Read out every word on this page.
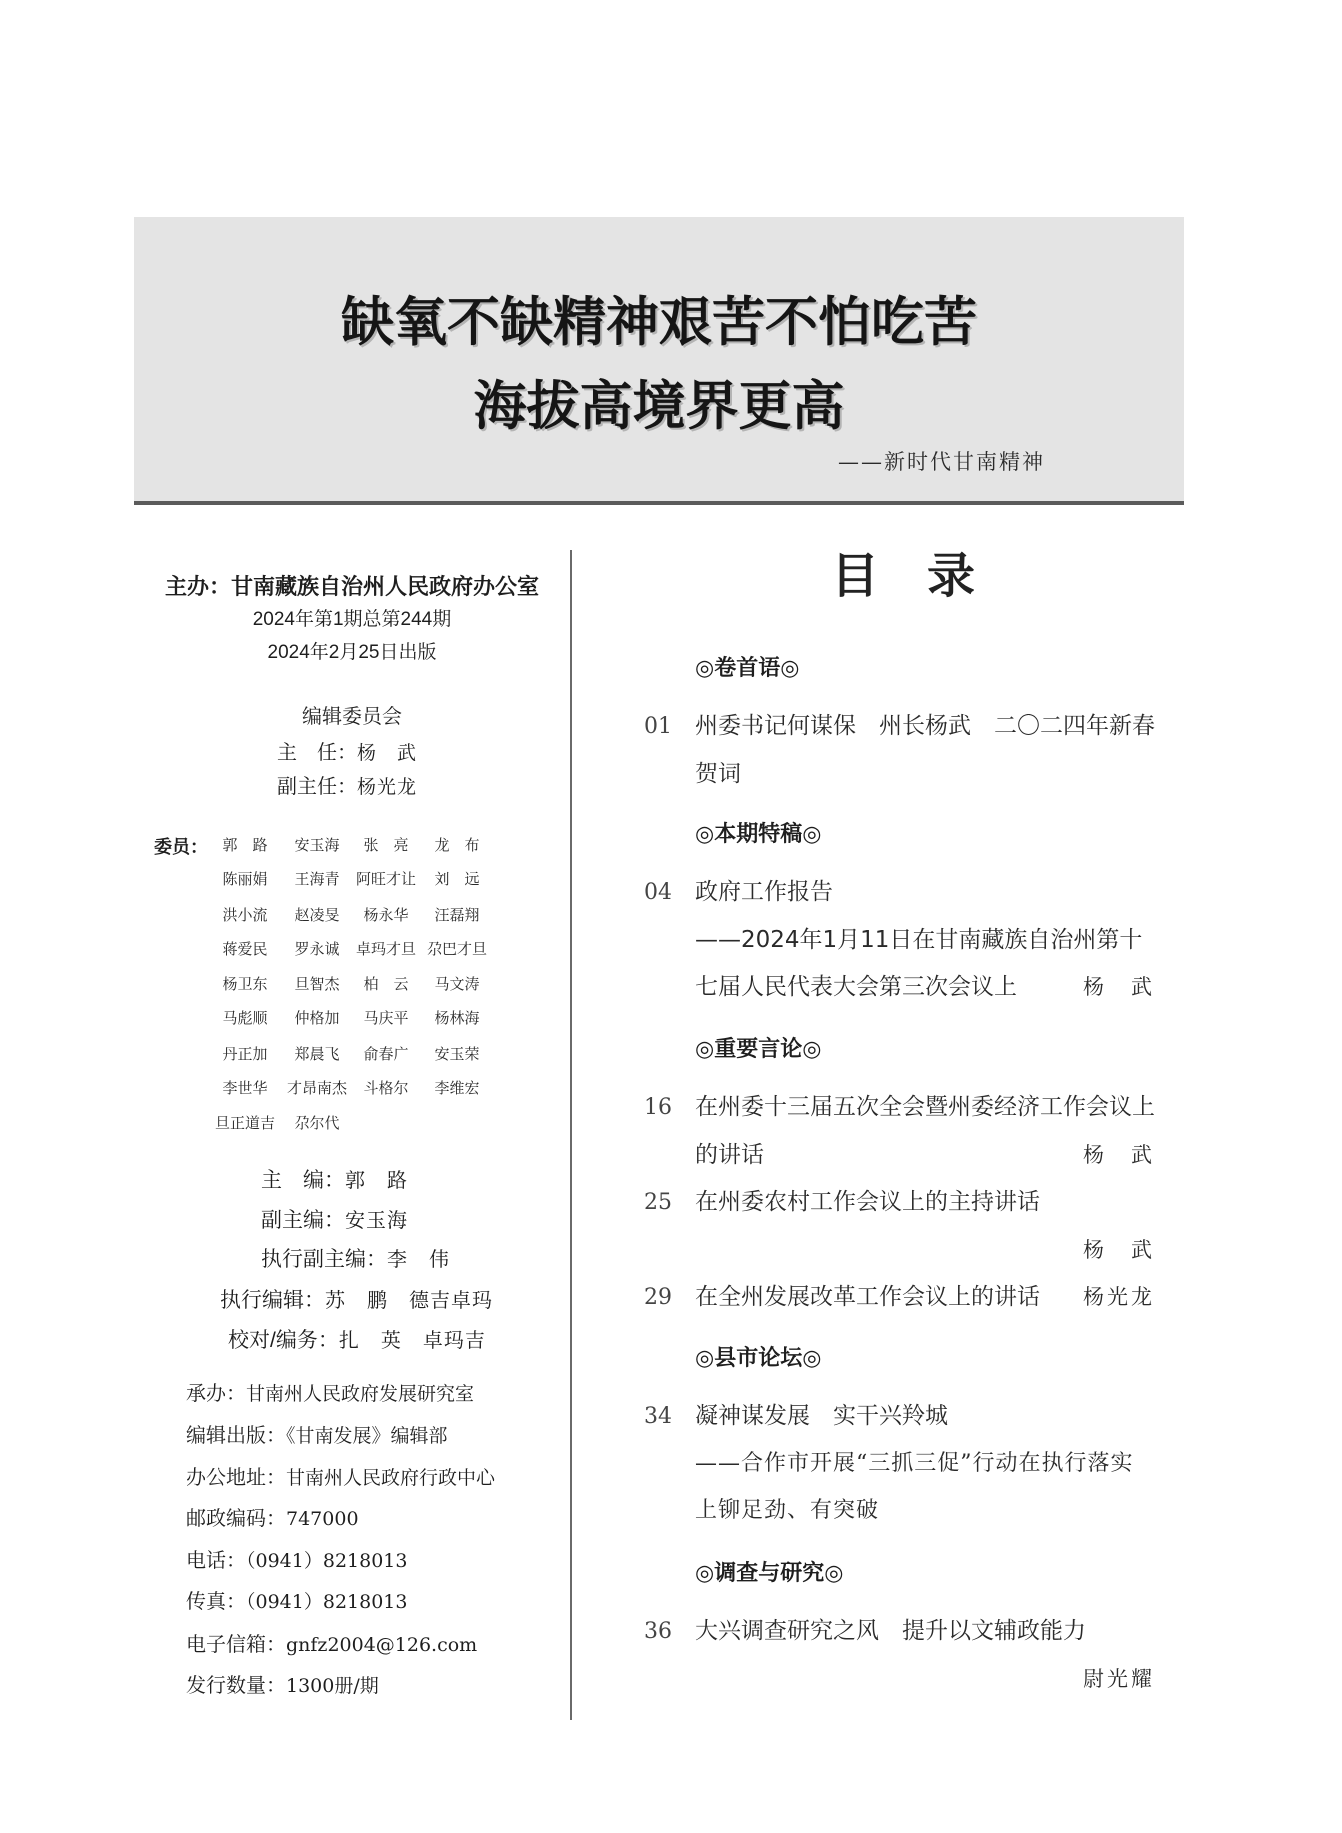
缺氧不缺精神艰苦不怕吃苦
海拔高境界更高
——新时代甘南精神
主办：甘南藏族自治州人民政府办公室
2024年第1期总第244期
2024年2月25日出版
编辑委员会
主　任：杨　武
副主任：杨光龙
委员： 郭　路	安玉海	张　亮	龙　布
陈丽娟	王海青	阿旺才让	刘　远
洪小流	赵凌旻	杨永华	汪磊翔
蒋爱民	罗永诚	卓玛才旦 尕巴才旦
杨卫东	旦智杰	柏　云	马文涛
马彪顺	仲格加	马庆平	杨林海
丹正加	郑晨飞	俞春广	安玉荣
李世华	才昂南杰	斗格尔	李维宏
旦正道吉	尕尔代
主　编：郭　路
副主编：安玉海
执行副主编：李　伟
执行编辑：苏　鹏　德吉卓玛
校对/编务：扎　英　卓玛吉
承办：甘南州人民政府发展研究室
编辑出版：《甘南发展》编辑部
办公地址：甘南州人民政府行政中心
邮政编码：747000
电话：（0941）8218013
传真：（0941）8218013
电子信箱：gnfz2004@126.com
发行数量：1300册/期
目　录
◎卷首语◎
01 州委书记何谋保　州长杨武　二〇二四年新春
贺词
◎本期特稿◎
04 政府工作报告
——2024年1月11日在甘南藏族自治州第十
七届人民代表大会第三次会议上	杨　武
◎重要言论◎
16 在州委十三届五次全会暨州委经济工作会议上
的讲话	杨　武
25 在州委农村工作会议上的主持讲话
杨　武
29 在全州发展改革工作会议上的讲话 杨光龙
◎县市论坛◎
34 凝神谋发展　实干兴羚城
——合作市开展“三抓三促”行动在执行落实
上铆足劲、有突破
◎调查与研究◎
36 大兴调查研究之风　提升以文辅政能力
尉光耀
